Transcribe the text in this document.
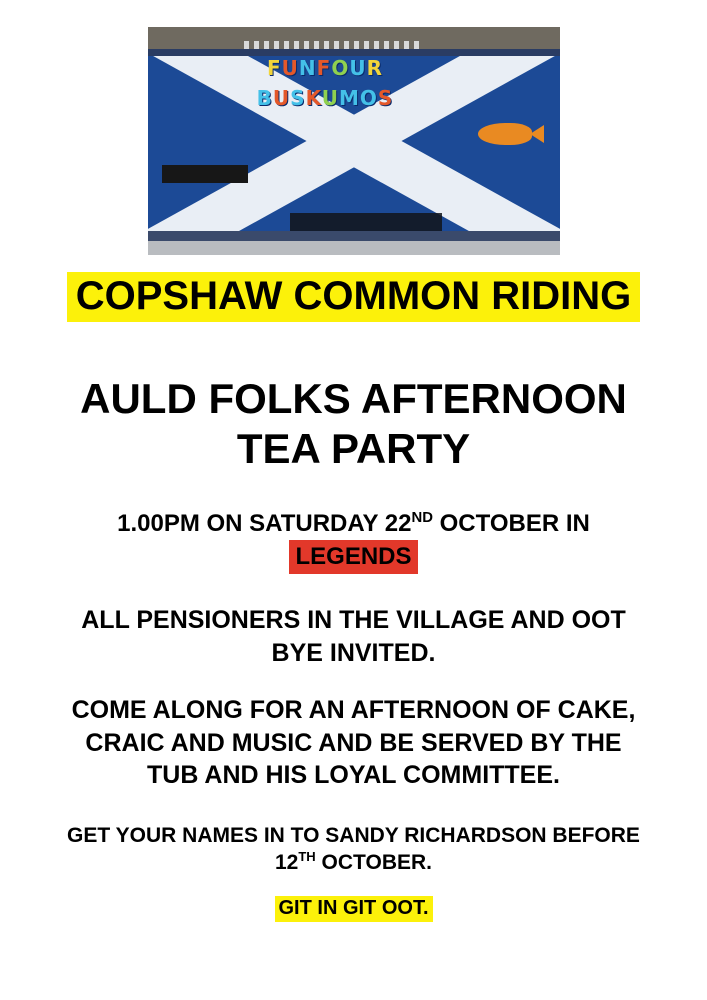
FUNFOUR
BUSKUMOS
COPSHAW COMMON RIDING
AULD FOLKS AFTERNOON
TEA PARTY
1.00PM ON SATURDAY 22ND OCTOBER IN
LEGENDS
ALL PENSIONERS IN THE VILLAGE AND OOT
BYE INVITED.
COME ALONG FOR AN AFTERNOON OF CAKE,
CRAIC AND MUSIC AND BE SERVED BY THE
TUB AND HIS LOYAL COMMITTEE.
GET YOUR NAMES IN TO SANDY RICHARDSON BEFORE
12TH OCTOBER.
GIT IN GIT OOT.
